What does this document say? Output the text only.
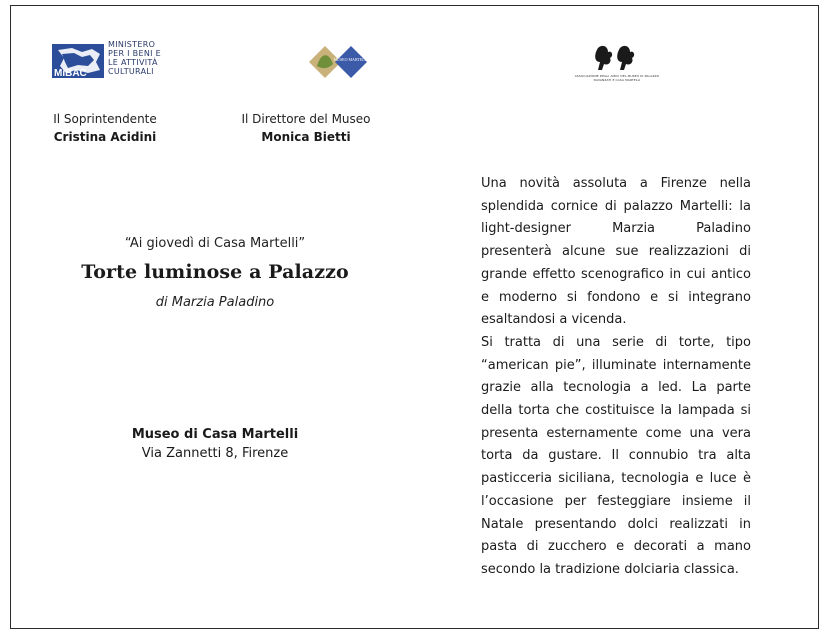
MiBAC
MINISTERO
PER I BENI E
LE ATTIVITÀ
CULTURALI
MUSEO MARTELLI
ASSOCIAZIONE DEGLI AMICI DEL MUSEO DI PALAZZO DAVANZATI E CASA MARTELLI
Il Soprintendente
Cristina Acidini
Il Direttore del Museo
Monica Bietti
“Ai giovedì di Casa Martelli”
Torte luminose a Palazzo
di Marzia Paladino
Museo di Casa Martelli
Via Zannetti 8, Firenze

Una novità assoluta a Firenze nella splendida cornice di palazzo Martelli: la light-designer Marzia Paladino presenterà alcune sue realizzazioni di grande effetto scenografico in cui antico e moderno si fondono e si integrano esaltandosi a vicenda.

Si tratta di una serie di torte, tipo “american pie”, illuminate internamente grazie alla tecnologia a led. La parte della torta che costituisce la lampada si presenta esternamente come una vera torta da gustare. Il connubio tra alta pasticceria siciliana, tecnologia e luce è l’occasione per festeggiare insieme il Natale presentando dolci realizzati in pasta di zucchero e decorati a mano secondo la tradizione dolciaria classica.
